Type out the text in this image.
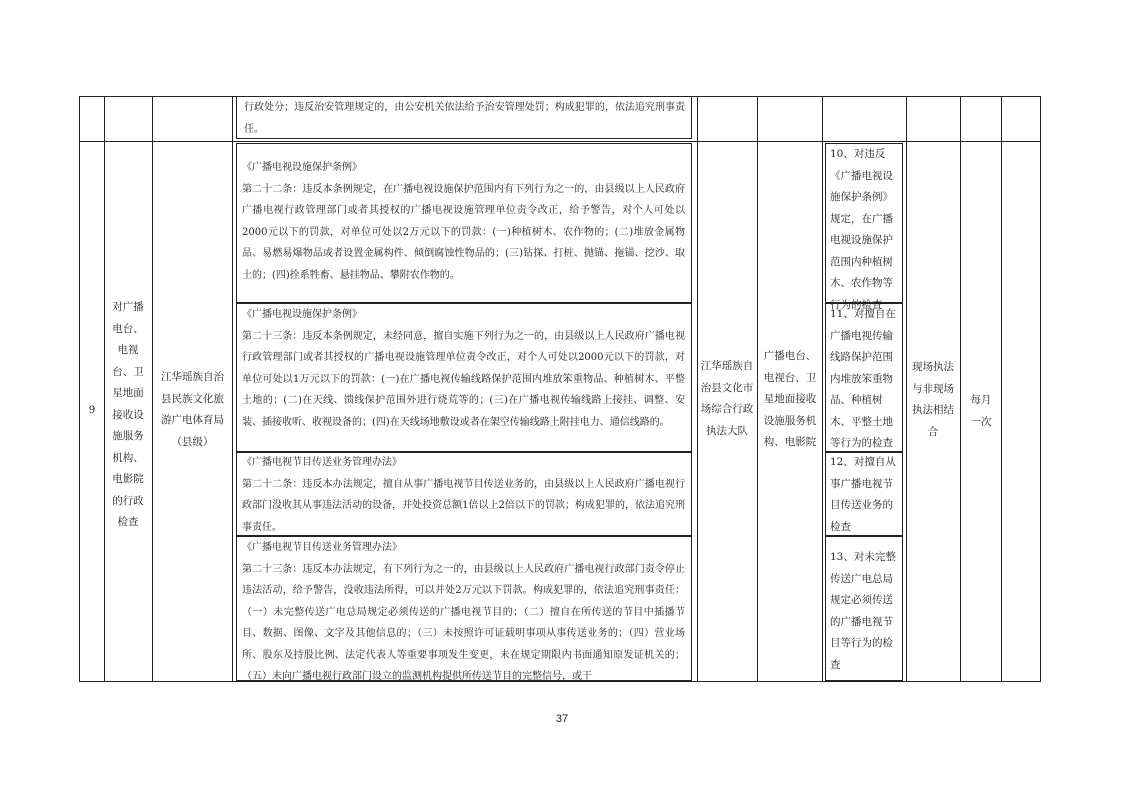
行政处分；违反治安管理规定的，由公安机关依法给予治安管理处罚；构成犯罪的，依法追究刑事责任。
9
对广播电台、电视台、卫星地面接收设施服务机构、电影院的行政检查
江华瑶族自治县民族文化旅游广电体育局（县级）
《广播电视设施保护条例》
第二十二条：违反本条例规定，在广播电视设施保护范围内有下列行为之一的，由县级以上人民政府广播电视行政管理部门或者其授权的广播电视设施管理单位责令改正，给予警告，对个人可处以2000元以下的罚款，对单位可处以2万元以下的罚款：(一)种植树木、农作物的；(二)堆放金属物品、易燃易爆物品或者设置金属构件、倾倒腐蚀性物品的；(三)钻探、打桩、抛锚、拖锚、挖沙、取土的；(四)拴系牲畜、悬挂物品、攀附农作物的。
《广播电视设施保护条例》
第二十三条：违反本条例规定，未经同意，擅自实施下列行为之一的，由县级以上人民政府广播电视行政管理部门或者其授权的广播电视设施管理单位责令改正，对个人可处以2000元以下的罚款，对单位可处以1万元以下的罚款：(一)在广播电视传输线路保护范围内堆放笨重物品、种植树木、平整土地的；(二)在天线、馈线保护范围外进行烧荒等的；(三)在广播电视传输线路上接挂、调整、安装、插接收听、收视设备的；(四)在天线场地敷设或者在架空传输线路上附挂电力、通信线路的。
《广播电视节目传送业务管理办法》
第二十二条：违反本办法规定，擅自从事广播电视节目传送业务的，由县级以上人民政府广播电视行政部门没收其从事违法活动的设备，并处投资总额1倍以上2倍以下的罚款；构成犯罪的，依法追究刑事责任。
《广播电视节目传送业务管理办法》
第二十三条：违反本办法规定，有下列行为之一的，由县级以上人民政府广播电视行政部门责令停止违法活动，给予警告，没收违法所得，可以并处2万元以下罚款。构成犯罪的，依法追究刑事责任：（一）未完整传送广电总局规定必须传送的广播电视节目的；（二）擅自在所传送的节目中插播节目、数据、图像、文字及其他信息的；（三）未按照许可证载明事项从事传送业务的；（四）营业场所、股东及持股比例、法定代表人等重要事项发生变更，未在规定期限内书面通知原发证机关的；（五）未向广播电视行政部门设立的监测机构提供所传送节目的完整信号，或干
江华瑶族自治县文化市场综合行政执法大队
广播电台、电视台、卫星地面接收设施服务机构、电影院
10、对违反《广播电视设施保护条例》规定，在广播电视设施保护范围内种植树木、农作物等行为的检查
11、对擅自在广播电视传输线路保护范围内堆放笨重物品、种植树木、平整土地等行为的检查
12、对擅自从事广播电视节目传送业务的检查
13、对未完整传送广电总局规定必须传送的广播电视节目等行为的检查
现场执法与非现场执法相结合
每月一次
37
